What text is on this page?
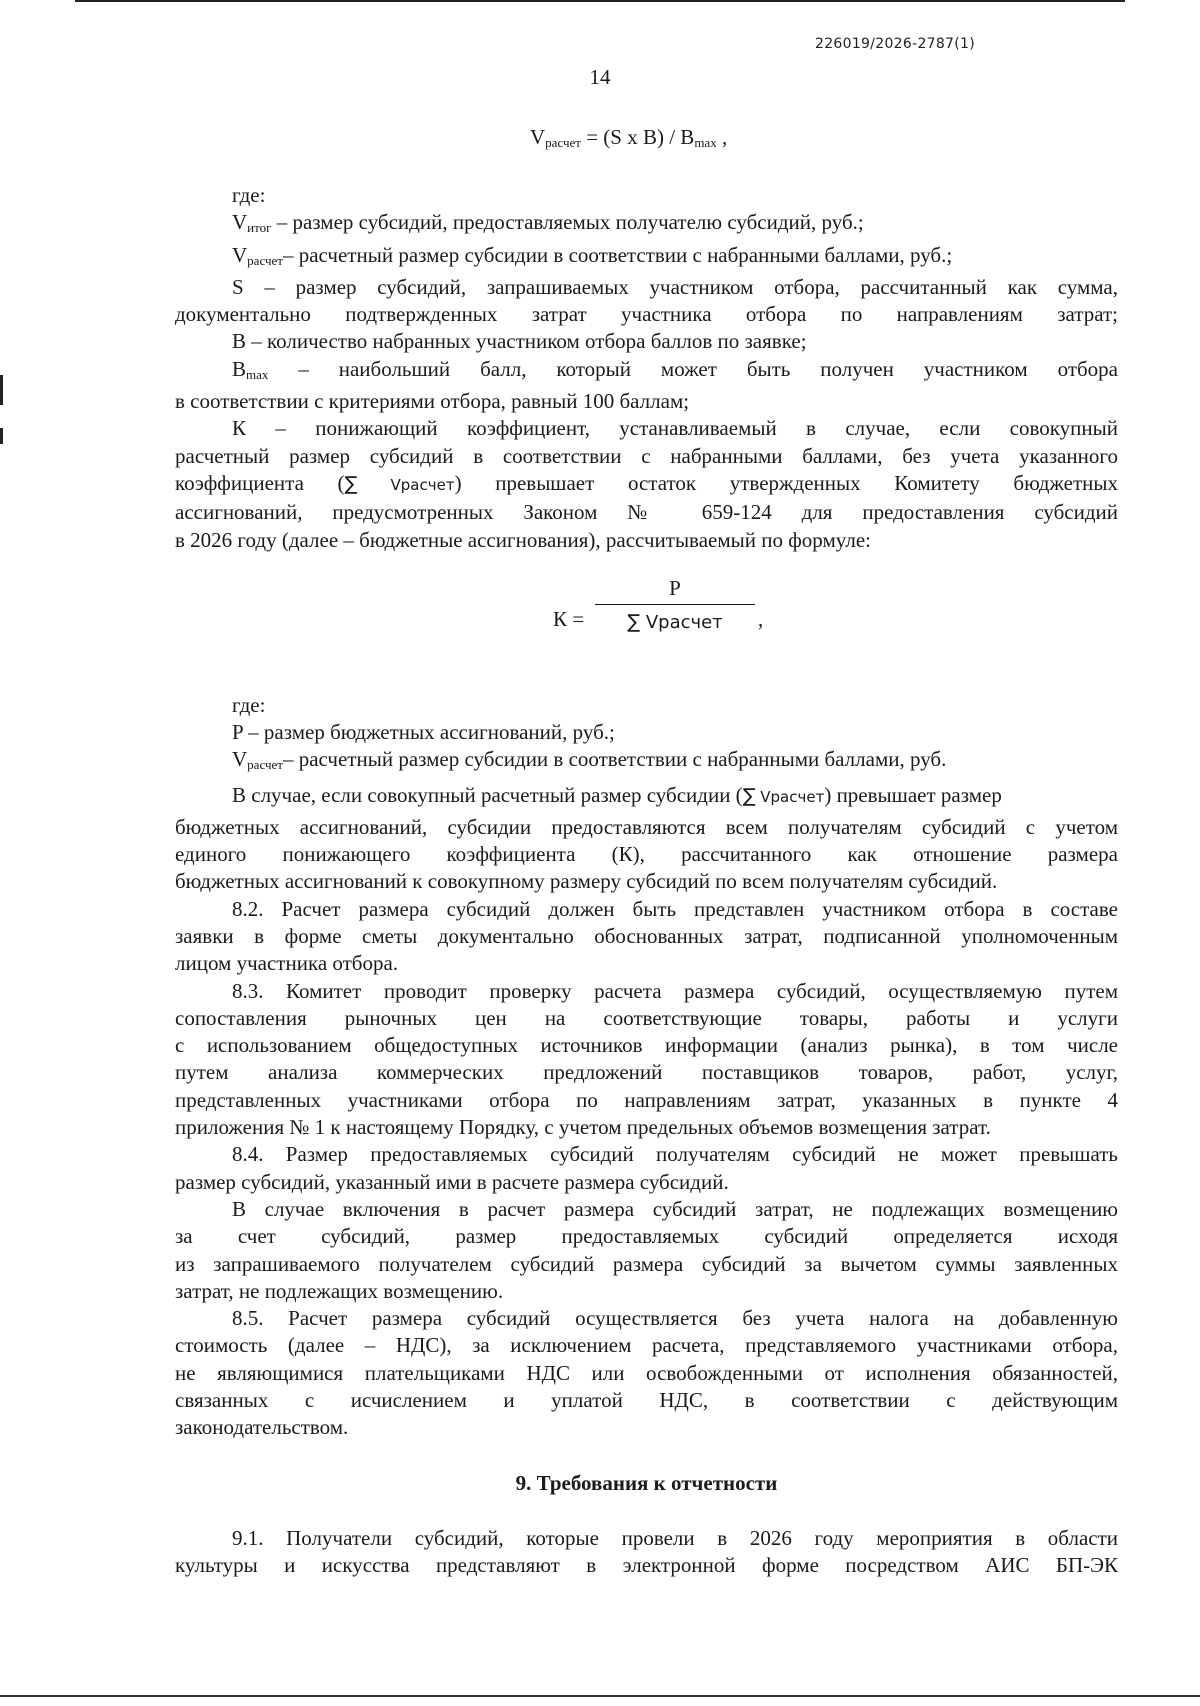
226019/2026-2787(1)
14
$V_{расчет} = (S$ x $B) / B_{max}$ ,
где:
$V_{итог}$ – размер субсидий, предоставляемых получателю субсидий, руб.;
$V_{расчет}-$ расчетный размер субсидии в соответствии с набранными баллами, руб.;
S – размер субсидий, запрашиваемых участником отбора, рассчитанный как сумма,
документально подтвержденных затрат участника отбора по направлениям затрат;
B – количество набранных участником отбора баллов по заявке;
$B_{max}$ – наибольший балл, который может быть получен участником отбора
в соответствии с критериями отбора, равный 100 баллам;
К – понижающий коэффициент, устанавливаемый в случае, если совокупный
расчетный размер субсидий в соответствии с набранными баллами, без учета указанного
коэффициента (∑ Vрасчет) превышает остаток утвержденных Комитету бюджетных
ассигнований, предусмотренных Законом № 659-124 для предоставления субсидий
в 2026 году (далее – бюджетные ассигнования), рассчитываемый по формуле:
К =
P
∑ Vрасчет	,
где:
P – размер бюджетных ассигнований, руб.;
$V_{расчет}-$ расчетный размер субсидии в соответствии с набранными баллами, руб.
В случае, если совокупный расчетный размер субсидии (∑ Vрасчет) превышает размер
бюджетных ассигнований, субсидии предоставляются всем получателям субсидий с учетом
единого понижающего коэффициента (К), рассчитанного как отношение размера
бюджетных ассигнований к совокупному размеру субсидий по всем получателям субсидий.
8.2. Расчет размера субсидий должен быть представлен участником отбора в составе
заявки в форме сметы документально обоснованных затрат, подписанной уполномоченным
лицом участника отбора.
8.3. Комитет проводит проверку расчета размера субсидий, осуществляемую путем
сопоставления рыночных цен на соответствующие товары, работы и услуги
с использованием общедоступных источников информации (анализ рынка), в том числе
путем анализа коммерческих предложений поставщиков товаров, работ, услуг,
представленных участниками отбора по направлениям затрат, указанных в пункте 4
приложения № 1 к настоящему Порядку, с учетом предельных объемов возмещения затрат.
8.4. Размер предоставляемых субсидий получателям субсидий не может превышать
размер субсидий, указанный ими в расчете размера субсидий.
В случае включения в расчет размера субсидий затрат, не подлежащих возмещению
за счет субсидий, размер предоставляемых субсидий определяется исходя
из запрашиваемого получателем субсидий размера субсидий за вычетом суммы заявленных
затрат, не подлежащих возмещению.
8.5. Расчет размера субсидий осуществляется без учета налога на добавленную
стоимость (далее – НДС), за исключением расчета, представляемого участниками отбора,
не являющимися плательщиками НДС или освобожденными от исполнения обязанностей,
связанных с исчислением и уплатой НДС, в соответствии с действующим
законодательством.
9. Требования к отчетности
9.1. Получатели субсидий, которые провели в 2026 году мероприятия в области
культуры и искусства представляют в электронной форме посредством АИС БП-ЭК
